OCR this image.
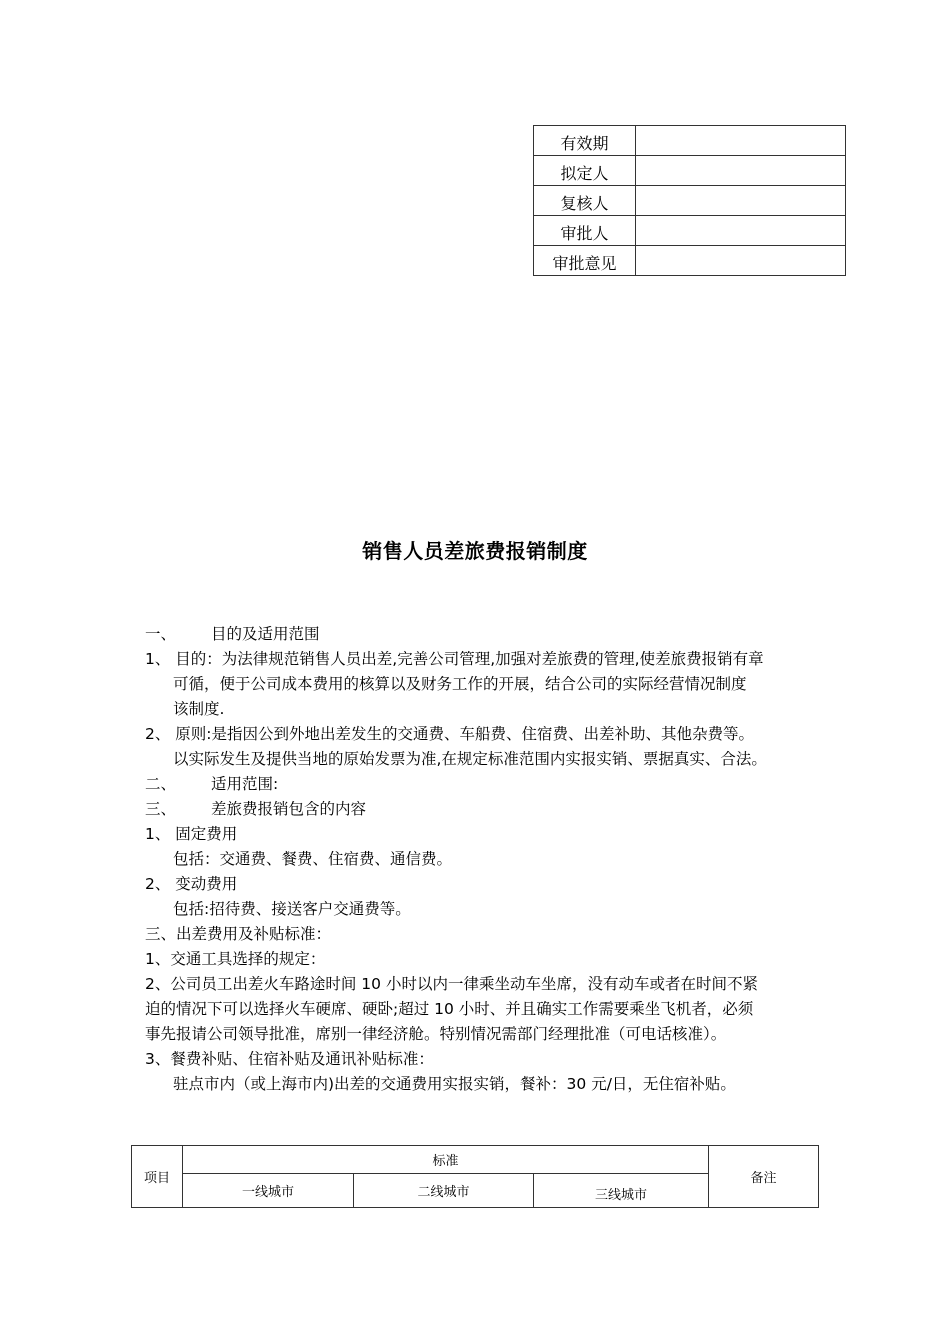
有效期	
拟定人	
复核人	
审批人	
审批意见	
销售人员差旅费报销制度
一、 目的及适用范围
1、 目的：为法律规范销售人员出差,完善公司管理,加强对差旅费的管理,使差旅费报销有章
可循，便于公司成本费用的核算以及财务工作的开展，结合公司的实际经营情况制度
该制度.
2、 原则:是指因公到外地出差发生的交通费、车船费、住宿费、出差补助、其他杂费等。
以实际发生及提供当地的原始发票为准,在规定标准范围内实报实销、票据真实、合法。
二、 适用范围:
三、 差旅费报销包含的内容
1、 固定费用
包括：交通费、餐费、住宿费、通信费。
2、 变动费用
包括:招待费、接送客户交通费等。
三、出差费用及补贴标准：
1、交通工具选择的规定：
2、公司员工出差火车路途时间 10 小时以内一律乘坐动车坐席，没有动车或者在时间不紧
迫的情况下可以选择火车硬席、硬卧;超过 10 小时、并且确实工作需要乘坐飞机者，必须
事先报请公司领导批准，席别一律经济舱。特别情况需部门经理批准（可电话核准）。
3、餐费补贴、住宿补贴及通讯补贴标准：
驻点市内（或上海市内)出差的交通费用实报实销，餐补：30 元/日，无住宿补贴。
项目	标准			备注
	一线城市	二线城市	三线城市	
